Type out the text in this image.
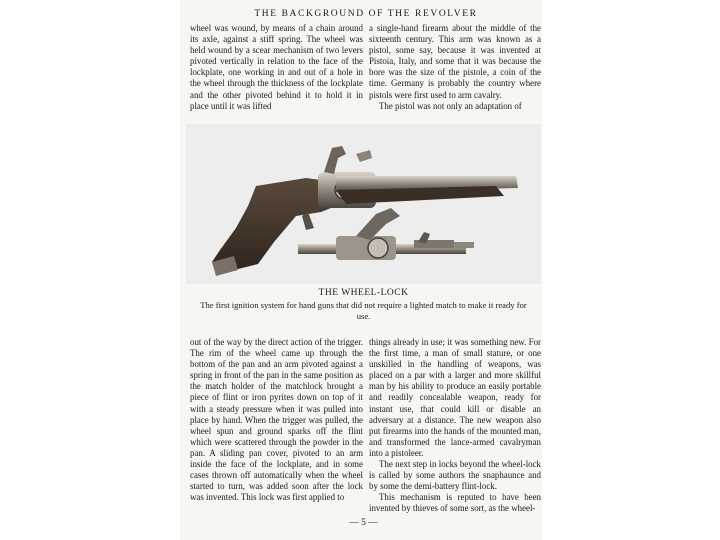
THE BACKGROUND OF THE REVOLVER

wheel was wound, by means of a chain around its axle, against a stiff spring. The wheel was held wound by a scear mechanism of two levers pivoted vertically in relation to the face of the lockplate, one working in and out of a hole in the wheel through the thickness of the lockplate and the other pivoted behind it to hold it in place until it was lifted

a single-hand firearm about the middle of the sixteenth century. This arm was known as a pistol, some say, because it was invented at Pistoia, Italy, and some that it was because the bore was the size of the pistole, a coin of the time. Germany is probably the country where pistols were first used to arm cavalry.

The pistol was not only an adaptation of

THE WHEEL-LOCK
The first ignition system for hand guns that did not require a lighted match to make it ready for use.

out of the way by the direct action of the trigger. The rim of the wheel came up through the bottom of the pan and an arm pivoted against a spring in front of the pan in the same position as the match holder of the matchlock brought a piece of flint or iron pyrites down on top of it with a steady pressure when it was pulled into place by hand. When the trigger was pulled, the wheel spun and ground sparks off the flint which were scattered through the powder in the pan. A sliding pan cover, pivoted to an arm inside the face of the lockplate, and in some cases thrown off automatically when the wheel started to turn, was added soon after the lock was invented. This lock was first applied to

things already in use; it was something new. For the first time, a man of small stature, or one unskilled in the handling of weapons, was placed on a par with a larger and more skillful man by his ability to produce an easily portable and readily concealable weapon, ready for instant use, that could kill or disable an adversary at a distance. The new weapon also put firearms into the hands of the mounted man, and transformed the lance-armed cavalryman into a pistoleer.

The next step in locks beyond the wheel-lock is called by some authors the snaphaunce and by some the demi-battery flint-lock.

This mechanism is reputed to have been invented by thieves of some sort, as the wheel-

— 5 —
